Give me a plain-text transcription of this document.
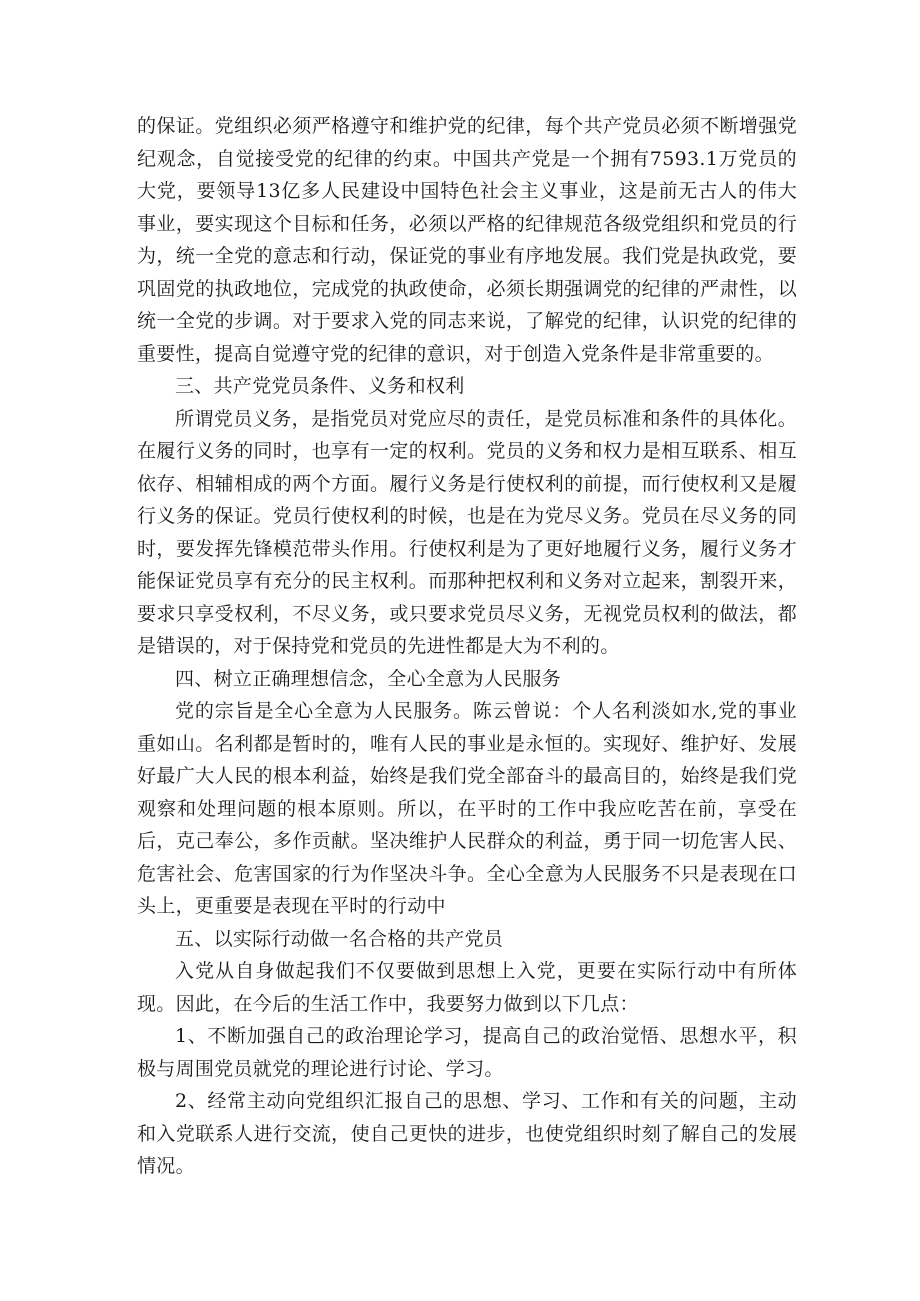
的保证。党组织必须严格遵守和维护党的纪律，每个共产党员必须不断增强党纪观念，自觉接受党的纪律的约束。中国共产党是一个拥有7593.1万党员的大党，要领导13亿多人民建设中国特色社会主义事业，这是前无古人的伟大事业，要实现这个目标和任务，必须以严格的纪律规范各级党组织和党员的行为，统一全党的意志和行动，保证党的事业有序地发展。我们党是执政党，要巩固党的执政地位，完成党的执政使命，必须长期强调党的纪律的严肃性，以统一全党的步调。对于要求入党的同志来说，了解党的纪律，认识党的纪律的重要性，提高自觉遵守党的纪律的意识，对于创造入党条件是非常重要的。

三、共产党党员条件、义务和权利

所谓党员义务，是指党员对党应尽的责任，是党员标准和条件的具体化。在履行义务的同时，也享有一定的权利。党员的义务和权力是相互联系、相互依存、相辅相成的两个方面。履行义务是行使权利的前提，而行使权利又是履行义务的保证。党员行使权利的时候，也是在为党尽义务。党员在尽义务的同时，要发挥先锋模范带头作用。行使权利是为了更好地履行义务，履行义务才能保证党员享有充分的民主权利。而那种把权利和义务对立起来，割裂开来，要求只享受权利，不尽义务，或只要求党员尽义务，无视党员权利的做法，都是错误的，对于保持党和党员的先进性都是大为不利的。

四、树立正确理想信念，全心全意为人民服务

党的宗旨是全心全意为人民服务。陈云曾说：个人名利淡如水,党的事业重如山。名利都是暂时的，唯有人民的事业是永恒的。实现好、维护好、发展好最广大人民的根本利益，始终是我们党全部奋斗的最高目的，始终是我们党观察和处理问题的根本原则。所以，在平时的工作中我应吃苦在前，享受在后，克己奉公，多作贡献。坚决维护人民群众的利益，勇于同一切危害人民、危害社会、危害国家的行为作坚决斗争。全心全意为人民服务不只是表现在口头上，更重要是表现在平时的行动中

五、以实际行动做一名合格的共产党员

入党从自身做起我们不仅要做到思想上入党，更要在实际行动中有所体现。因此，在今后的生活工作中，我要努力做到以下几点：

1、不断加强自己的政治理论学习，提高自己的政治觉悟、思想水平，积极与周围党员就党的理论进行讨论、学习。

2、经常主动向党组织汇报自己的思想、学习、工作和有关的问题，主动和入党联系人进行交流，使自己更快的进步，也使党组织时刻了解自己的发展情况。
